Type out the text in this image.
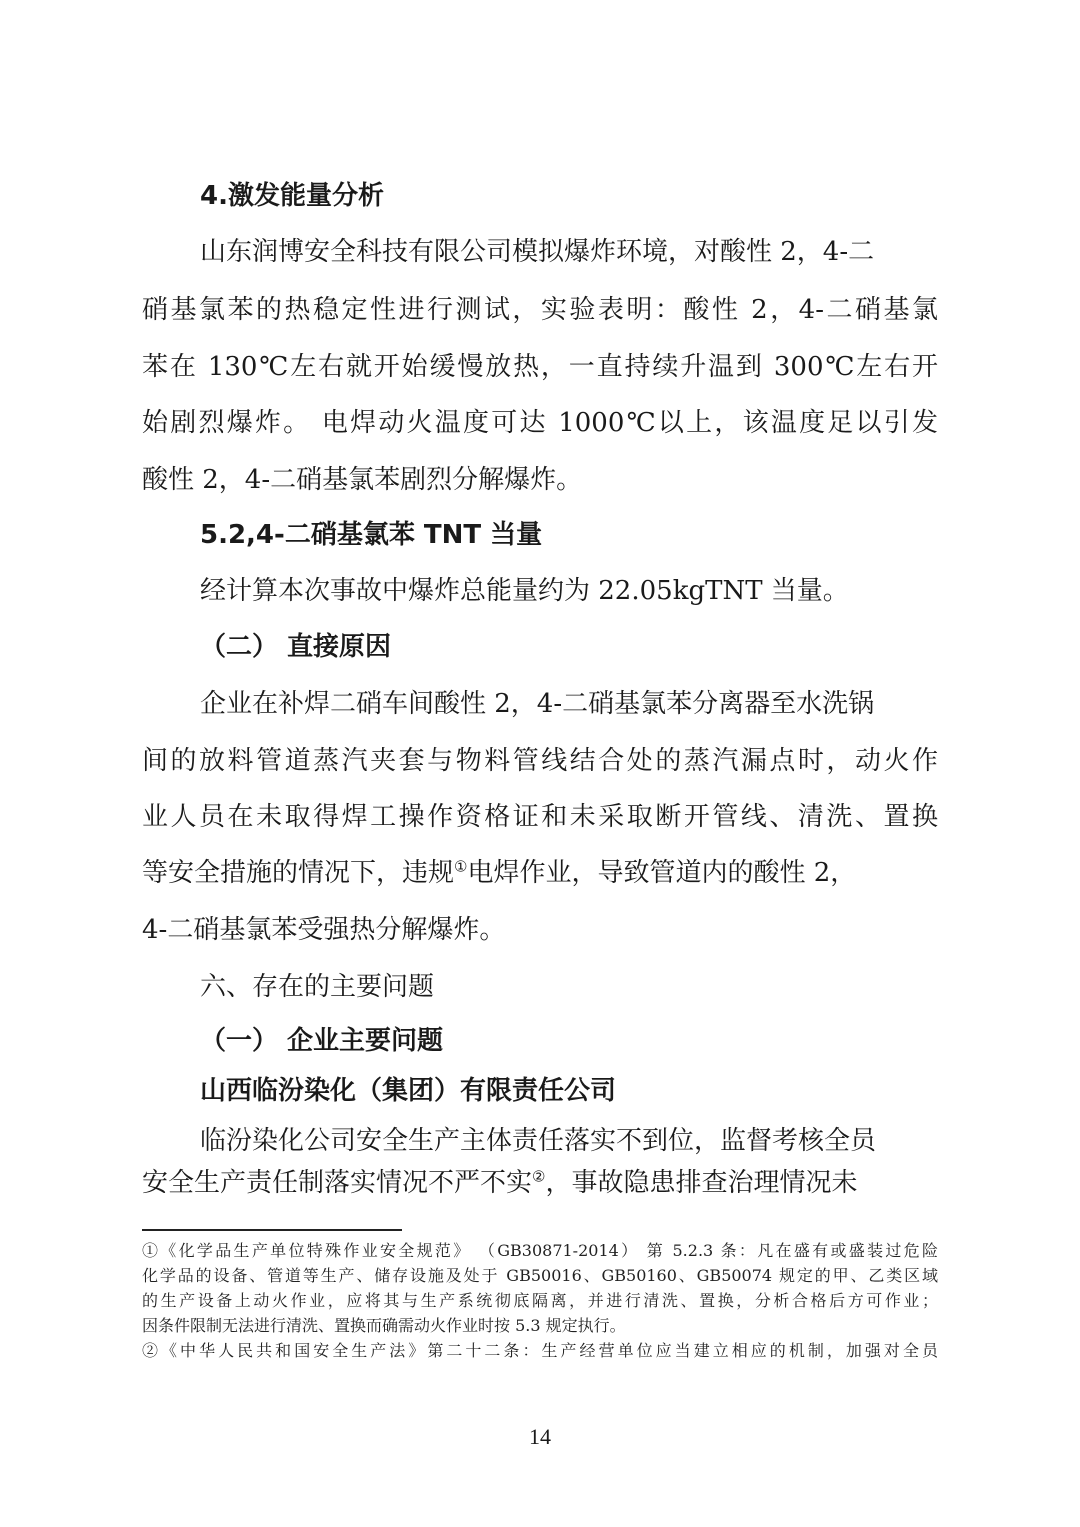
4.激发能量分析

山东润博安全科技有限公司模拟爆炸环境，对酸性 2，4-二

硝基氯苯的热稳定性进行测试，实验表明：酸性 2，4-二硝基氯

苯在 130℃左右就开始缓慢放热，一直持续升温到 300℃左右开

始剧烈爆炸。 电焊动火温度可达 1000℃以上，该温度足以引发

酸性 2，4-二硝基氯苯剧烈分解爆炸。

5.2,4-二硝基氯苯 TNT 当量

经计算本次事故中爆炸总能量约为 22.05kgTNT 当量。

（二） 直接原因

企业在补焊二硝车间酸性 2，4-二硝基氯苯分离器至水洗锅

间的放料管道蒸汽夹套与物料管线结合处的蒸汽漏点时，动火作

业人员在未取得焊工操作资格证和未采取断开管线、清洗、置换

等安全措施的情况下，违规①电焊作业，导致管道内的酸性 2，

4-二硝基氯苯受强热分解爆炸。

六、存在的主要问题

（一） 企业主要问题

山西临汾染化（集团）有限责任公司

临汾染化公司安全生产主体责任落实不到位，监督考核全员

安全生产责任制落实情况不严不实②，事故隐患排查治理情况未

①《化学品生产单位特殊作业安全规范》 （GB30871-2014） 第 5.2.3 条：凡在盛有或盛装过危险

化学品的设备、管道等生产、储存设施及处于 GB50016、GB50160、GB50074 规定的甲、乙类区域

的生产设备上动火作业，应将其与生产系统彻底隔离，并进行清洗、置换，分析合格后方可作业；

因条件限制无法进行清洗、置换而确需动火作业时按 5.3 规定执行。

②《中华人民共和国安全生产法》第二十二条：生产经营单位应当建立相应的机制，加强对全员

14
